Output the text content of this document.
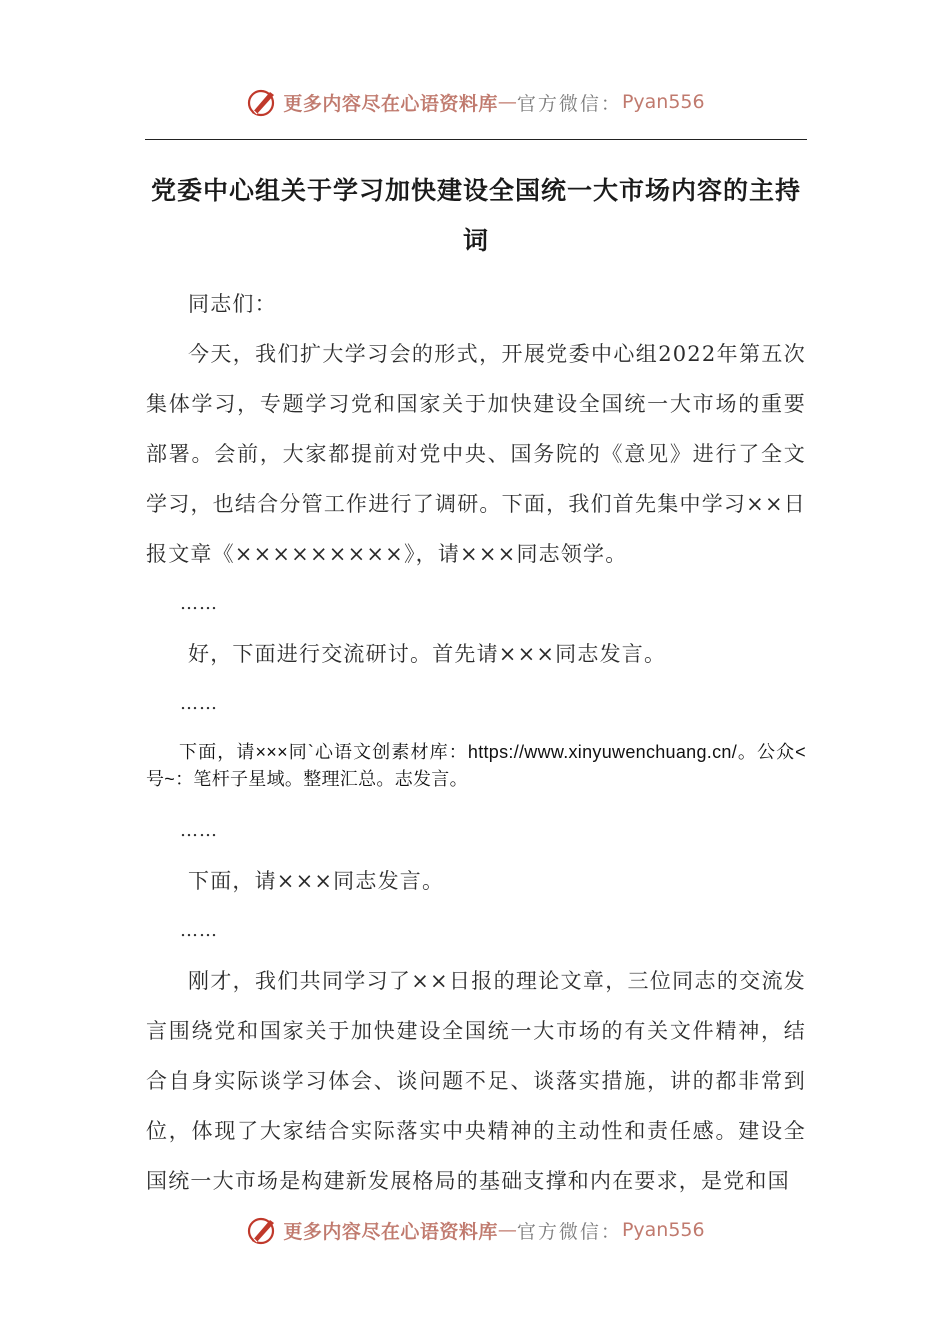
更多内容尽在心语资料库 — 官方微信： Pyan556
党委中心组关于学习加快建设全国统一大市场内容的主持词

同志们：

今天，我们扩大学习会的形式，开展党委中心组2022年第五次集体学习，专题学习党和国家关于加快建设全国统一大市场的重要部署。会前，大家都提前对党中央、国务院的《意见》进行了全文学习，也结合分管工作进行了调研。下面，我们首先集中学习××日报文章《×××××××××》，请×××同志领学。

……

好，下面进行交流研讨。首先请×××同志发言。

……

下面，请×××同`心语文创素材库：https://www.xinyuwenchuang.cn/。公众<号~：笔杆子星域。整理汇总。志发言。

……

下面，请×××同志发言。

……

刚才，我们共同学习了××日报的理论文章，三位同志的交流发言围绕党和国家关于加快建设全国统一大市场的有关文件精神，结合自身实际谈学习体会、谈问题不足、谈落实措施，讲的都非常到位，体现了大家结合实际落实中央精神的主动性和责任感。建设全国统一大市场是构建新发展格局的基础支撑和内在要求，是党和国

更多内容尽在心语资料库 — 官方微信： Pyan556
